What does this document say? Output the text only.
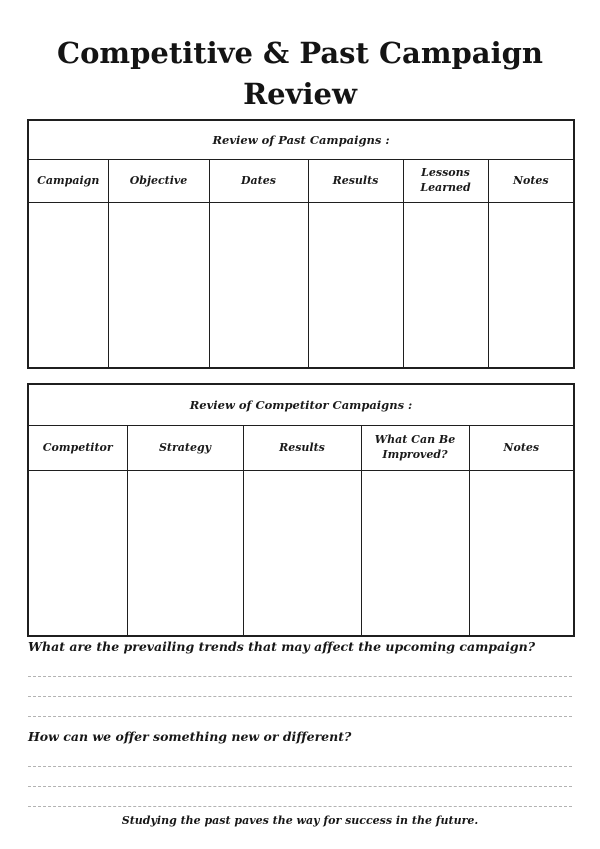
Competitive & Past Campaign
Review
Review of Past Campaigns :					
Campaign	Objective	Dates	Results	Lessons Learned	Notes

Review of Competitor Campaigns :				
Competitor	Strategy	Results	What Can Be Improved?	Notes

What are the prevailing trends that may affect the upcoming campaign?

How can we offer something new or different?

Studying the past paves the way for success in the future.
